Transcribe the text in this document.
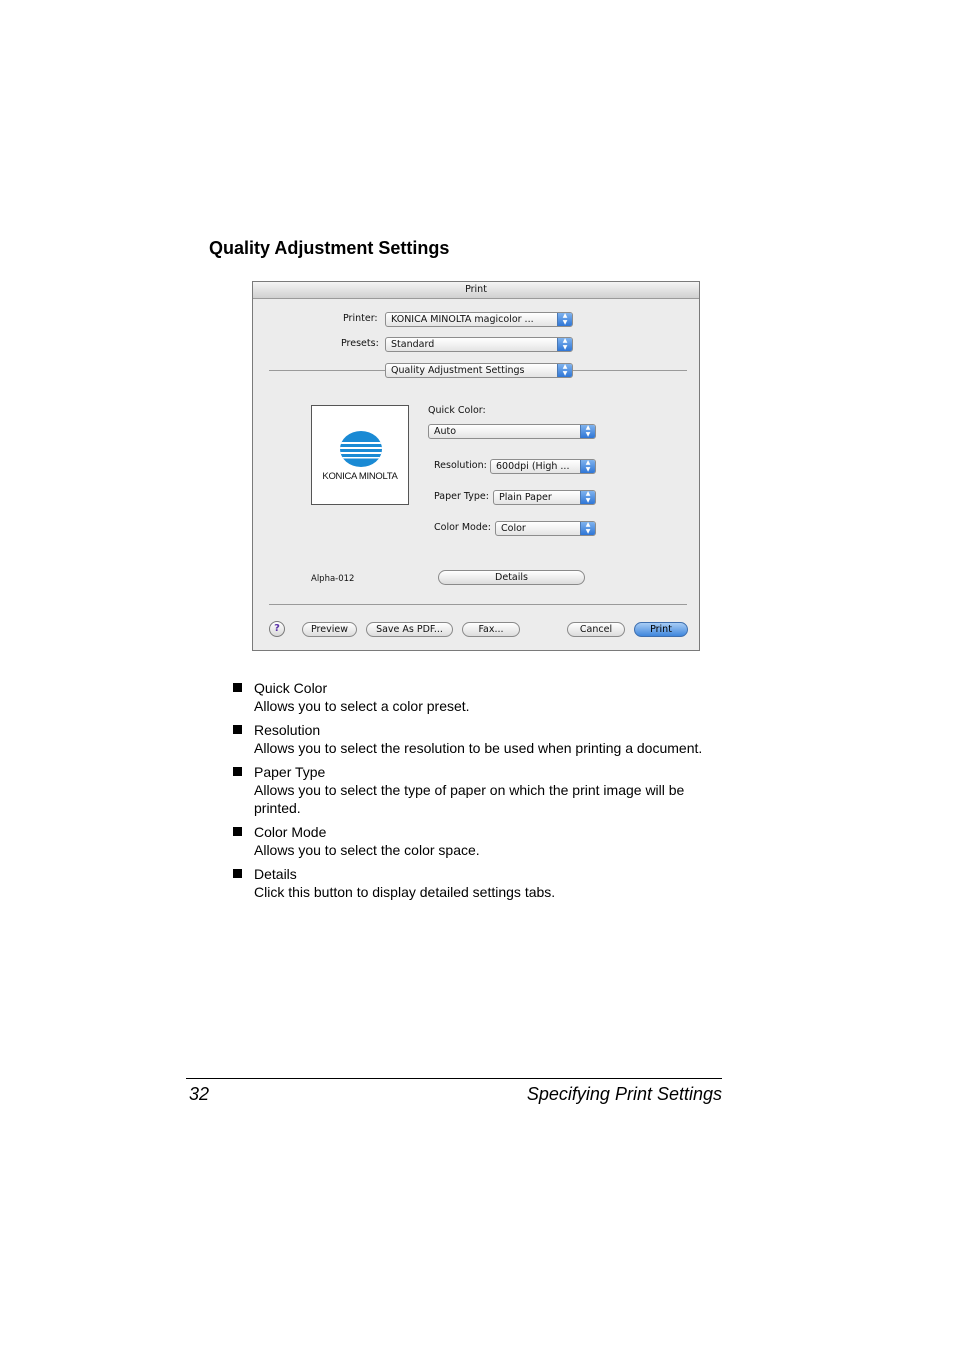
Quality Adjustment Settings
Print
Printer: KONICA MINOLTA magicolor ...	▲
▼
Presets: Standard	▲
▼
Quality Adjustment Settings	▲
▼
KONICA MINOLTA
Quick Color:
Auto	▲
▼
Resolution: 600dpi (High ...	▲
▼
Paper Type: Plain Paper	▲
▼
Color Mode: Color	▲
▼
Alpha-012	Details
?	Preview	Save As PDF...	Fax...	Cancel	Print
Quick Color
Allows you to select a color preset.
Resolution
Allows you to select the resolution to be used when printing a document.
Paper Type
Allows you to select the type of paper on which the print image will be printed.
Color Mode
Allows you to select the color space.
Details
Click this button to display detailed settings tabs.
32	Specifying Print Settings
